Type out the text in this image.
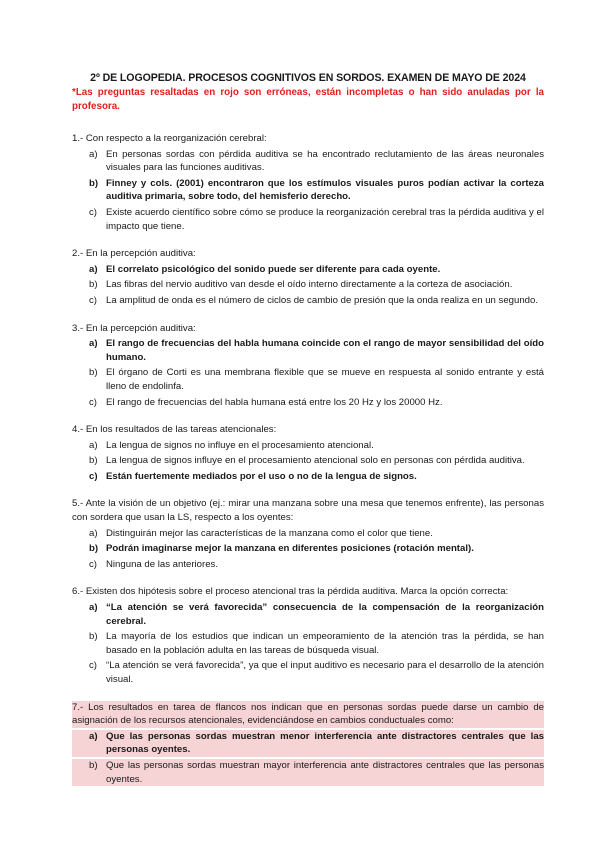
2º DE LOGOPEDIA. PROCESOS COGNITIVOS EN SORDOS. EXAMEN DE MAYO DE 2024
*Las preguntas resaltadas en rojo son erróneas, están incompletas o han sido anuladas por la profesora.
1.- Con respecto a la reorganización cerebral:
a) En personas sordas con pérdida auditiva se ha encontrado reclutamiento de las áreas neuronales visuales para las funciones auditivas.
b) Finney y cols. (2001) encontraron que los estímulos visuales puros podían activar la corteza auditiva primaria, sobre todo, del hemisferio derecho.
c) Existe acuerdo científico sobre cómo se produce la reorganización cerebral tras la pérdida auditiva y el impacto que tiene.
2.- En la percepción auditiva:
a) El correlato psicológico del sonido puede ser diferente para cada oyente.
b) Las fibras del nervio auditivo van desde el oído interno directamente a la corteza de asociación.
c) La amplitud de onda es el número de ciclos de cambio de presión que la onda realiza en un segundo.
3.- En la percepción auditiva:
a) El rango de frecuencias del habla humana coincide con el rango de mayor sensibilidad del oído humano.
b) El órgano de Corti es una membrana flexible que se mueve en respuesta al sonido entrante y está lleno de endolinfa.
c) El rango de frecuencias del habla humana está entre los 20 Hz y los 20000 Hz.
4.- En los resultados de las tareas atencionales:
a) La lengua de signos no influye en el procesamiento atencional.
b) La lengua de signos influye en el procesamiento atencional solo en personas con pérdida auditiva.
c) Están fuertemente mediados por el uso o no de la lengua de signos.
5.- Ante la visión de un objetivo (ej.: mirar una manzana sobre una mesa que tenemos enfrente), las personas con sordera que usan la LS, respecto a los oyentes:
a) Distinguirán mejor las características de la manzana como el color que tiene.
b) Podrán imaginarse mejor la manzana en diferentes posiciones (rotación mental).
c) Ninguna de las anteriores.
6.- Existen dos hipótesis sobre el proceso atencional tras la pérdida auditiva. Marca la opción correcta:
a) “La atención se verá favorecida” consecuencia de la compensación de la reorganización cerebral.
b) La mayoría de los estudios que indican un empeoramiento de la atención tras la pérdida, se han basado en la población adulta en las tareas de búsqueda visual.
c) “La atención se verá favorecida”, ya que el input auditivo es necesario para el desarrollo de la atención visual.
7.- Los resultados en tarea de flancos nos indican que en personas sordas puede darse un cambio de asignación de los recursos atencionales, evidenciándose en cambios conductuales como:
a) Que las personas sordas muestran menor interferencia ante distractores centrales que las personas oyentes.
b) Que las personas sordas muestran mayor interferencia ante distractores centrales que las personas oyentes.
